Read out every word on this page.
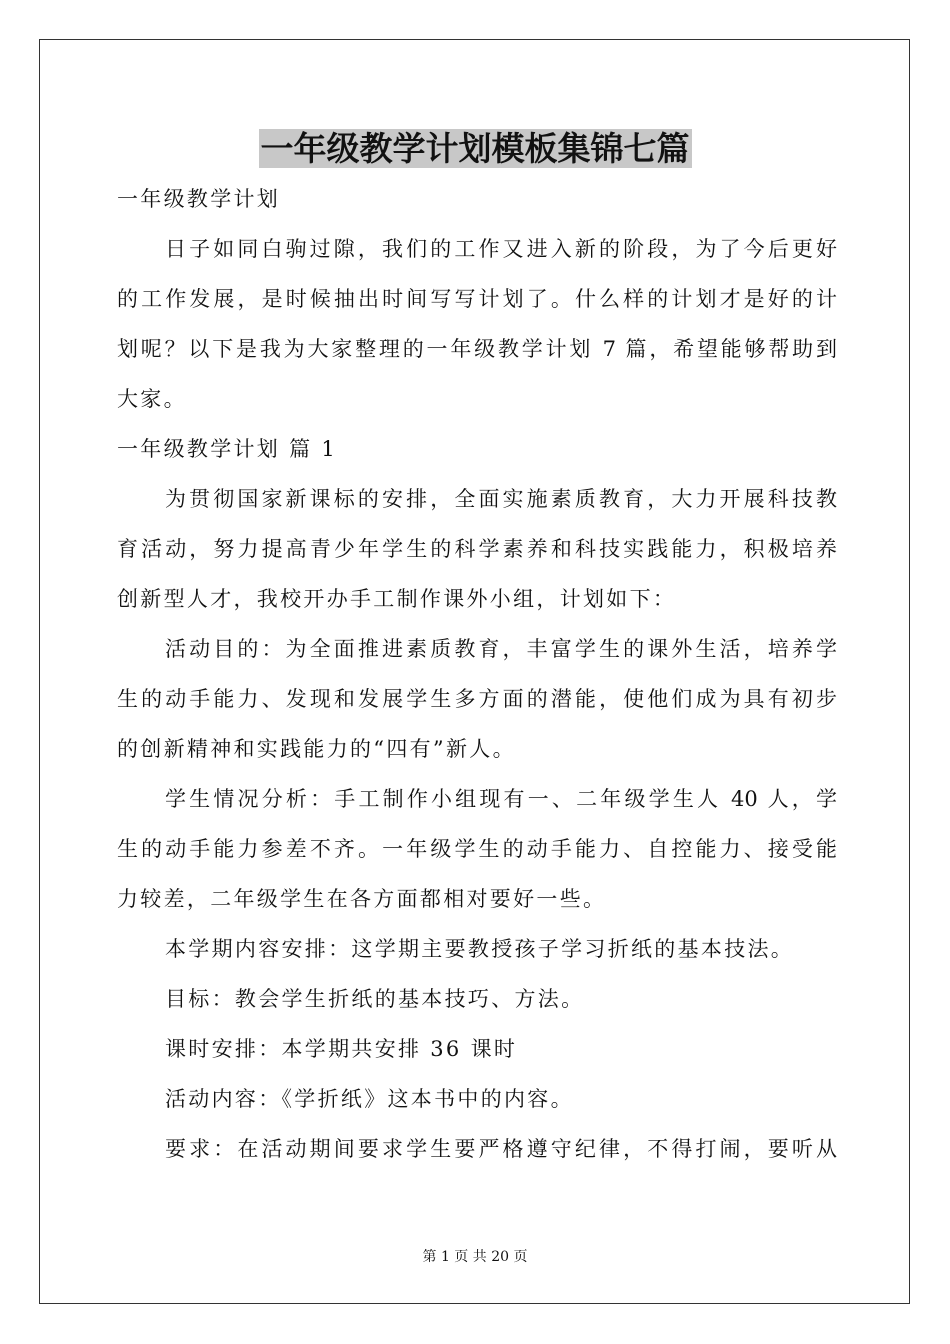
一年级教学计划模板集锦七篇

一年级教学计划

日子如同白驹过隙，我们的工作又进入新的阶段，为了今后更好

的工作发展，是时候抽出时间写写计划了。什么样的计划才是好的计

划呢？以下是我为大家整理的一年级教学计划 7 篇，希望能够帮助到

大家。

一年级教学计划 篇 1

为贯彻国家新课标的安排，全面实施素质教育，大力开展科技教

育活动，努力提高青少年学生的科学素养和科技实践能力，积极培养

创新型人才，我校开办手工制作课外小组，计划如下：

活动目的：为全面推进素质教育，丰富学生的课外生活，培养学

生的动手能力、发现和发展学生多方面的潜能，使他们成为具有初步

的创新精神和实践能力的“四有”新人。

学生情况分析：手工制作小组现有一、二年级学生人 40 人，学

生的动手能力参差不齐。一年级学生的动手能力、自控能力、接受能

力较差，二年级学生在各方面都相对要好一些。

本学期内容安排：这学期主要教授孩子学习折纸的基本技法。

目标：教会学生折纸的基本技巧、方法。

课时安排：本学期共安排 36 课时

活动内容：《学折纸》这本书中的内容。

要求：在活动期间要求学生要严格遵守纪律，不得打闹，要听从

第 1 页 共 20 页
